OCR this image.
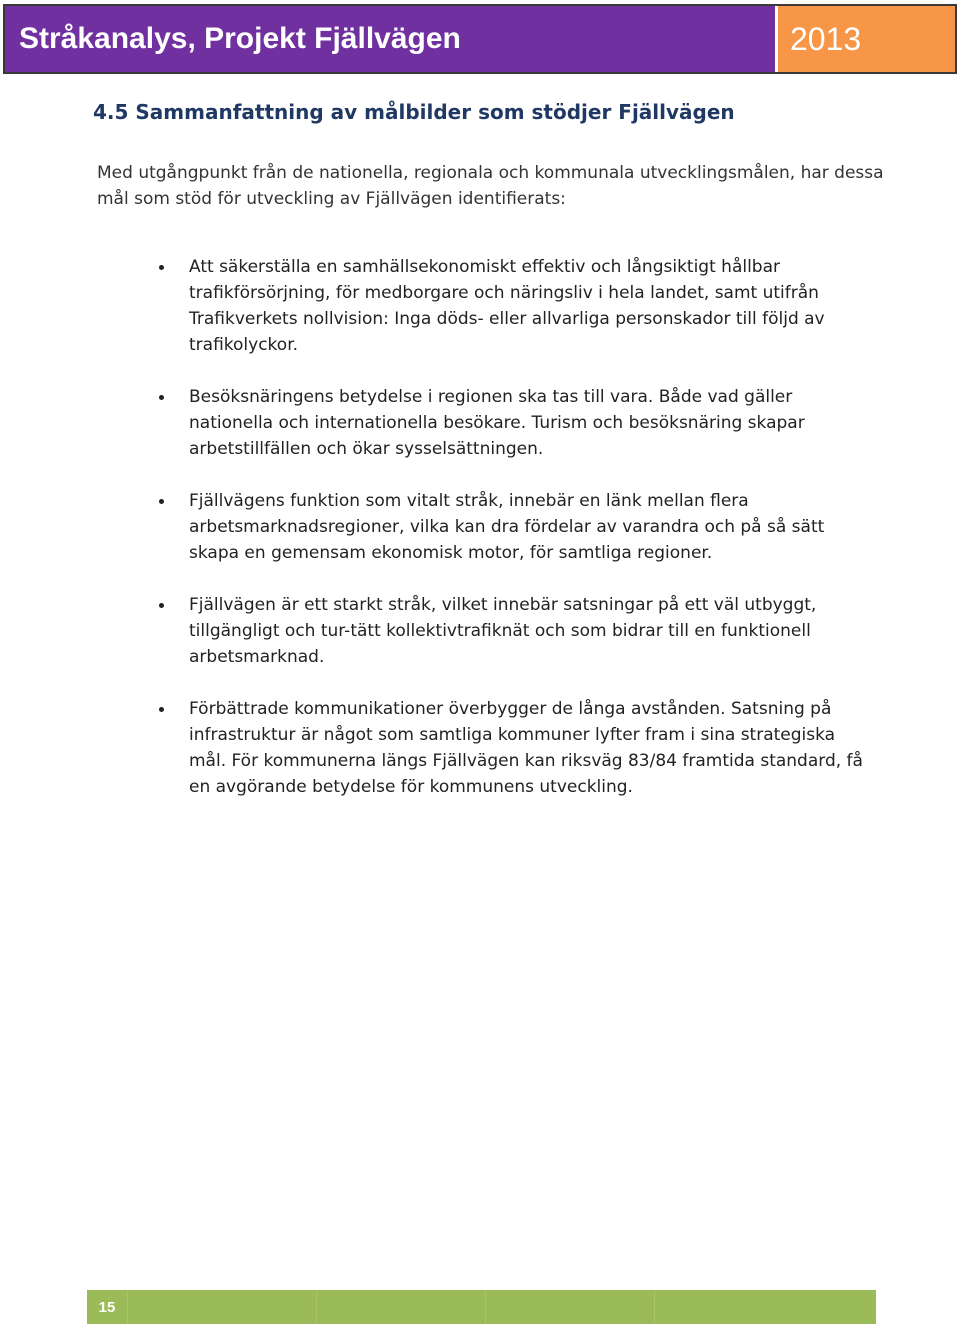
Stråkanalys, Projekt Fjällvägen	2013
4.5 Sammanfattning av målbilder som stödjer Fjällvägen
Med utgångpunkt från de nationella, regionala och kommunala utvecklingsmålen, har dessa mål som stöd för utveckling av Fjällvägen identifierats:
Att säkerställa en samhällsekonomiskt effektiv och långsiktigt hållbar trafikförsörjning, för medborgare och näringsliv i hela landet, samt utifrån Trafikverkets nollvision: Inga döds- eller allvarliga personskador till följd av trafikolyckor.
Besöksnäringens betydelse i regionen ska tas till vara. Både vad gäller nationella och internationella besökare. Turism och besöksnäring skapar arbetstillfällen och ökar sysselsättningen.
Fjällvägens funktion som vitalt stråk, innebär en länk mellan flera arbetsmarknadsregioner, vilka kan dra fördelar av varandra och på så sätt skapa en gemensam ekonomisk motor, för samtliga regioner.
Fjällvägen är ett starkt stråk, vilket innebär satsningar på ett väl utbyggt, tillgängligt och tur-tätt kollektivtrafiknät och som bidrar till en funktionell arbetsmarknad.
Förbättrade kommunikationer överbygger de långa avstånden. Satsning på infrastruktur är något som samtliga kommuner lyfter fram i sina strategiska mål. För kommunerna längs Fjällvägen kan riksväg 83/84 framtida standard, få en avgörande betydelse för kommunens utveckling.
15
